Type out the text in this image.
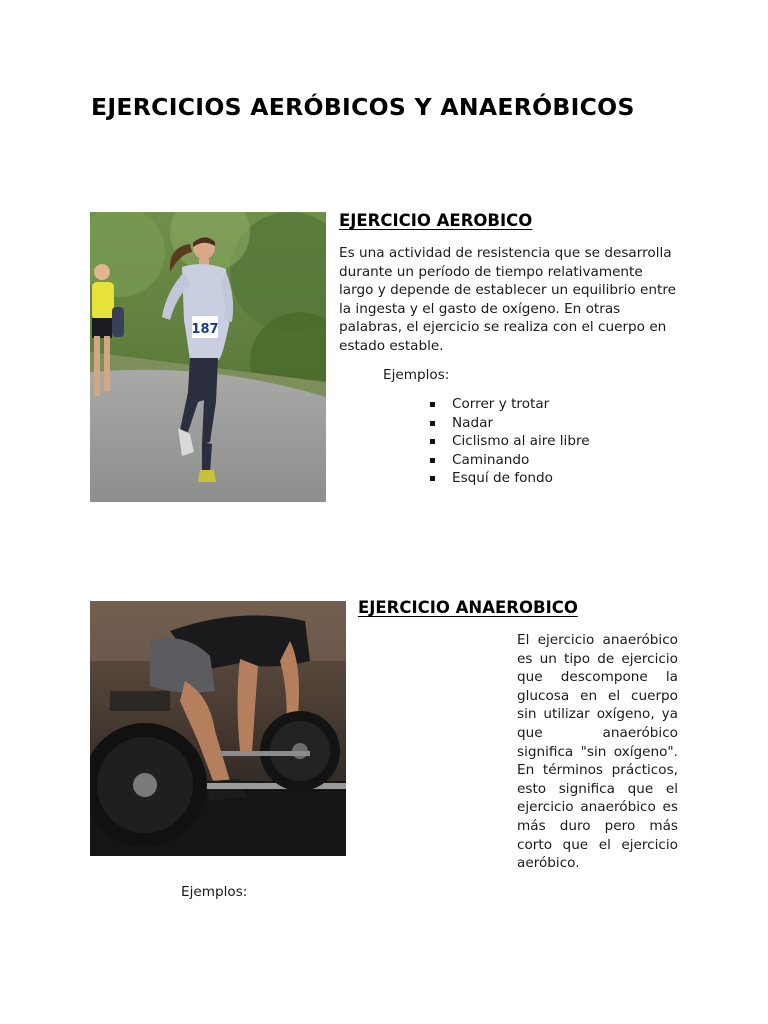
EJERCICIOS AERÓBICOS Y ANAERÓBICOS
187
EJERCICIO AEROBICO
Es una actividad de resistencia que se desarrolla durante un período de tiempo relativamente largo y depende de establecer un equilibrio entre la ingesta y el gasto de oxígeno. En otras palabras, el ejercicio se realiza con el cuerpo en estado estable.
Ejemplos:
Correr y trotar
Nadar
Ciclismo al aire libre
Caminando
Esquí de fondo
EJERCICIO ANAEROBICO
El ejercicio anaeróbico es un tipo de ejercicio que descompone la glucosa en el cuerpo sin utilizar oxígeno, ya que anaeróbico significa "sin oxígeno". En términos prácticos, esto significa que el ejercicio anaeróbico es más duro pero más corto que el ejercicio aeróbico.
Ejemplos:
